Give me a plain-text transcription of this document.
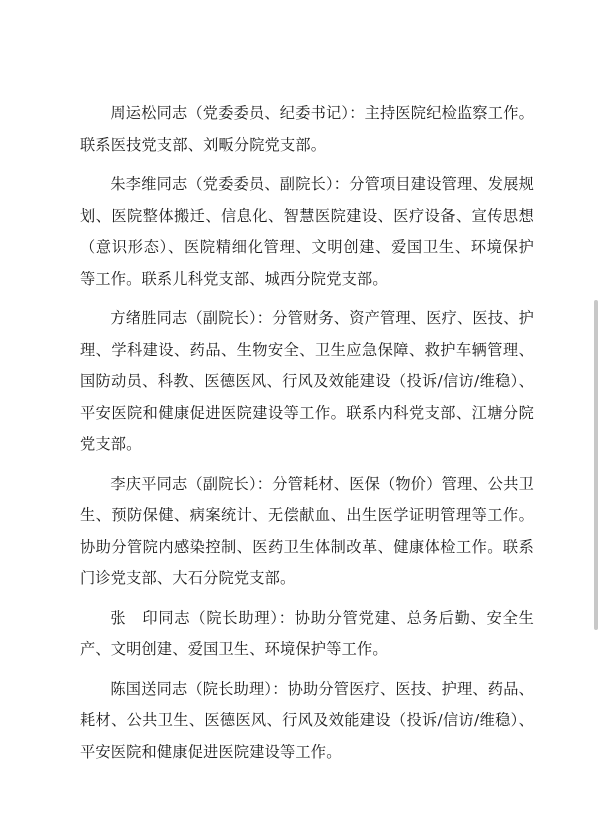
周运松同志（党委委员、纪委书记）：主持医院纪检监察工作。联系医技党支部、刘畈分院党支部。

朱李维同志（党委委员、副院长）：分管项目建设管理、发展规划、医院整体搬迁、信息化、智慧医院建设、医疗设备、宣传思想（意识形态）、医院精细化管理、文明创建、爱国卫生、环境保护等工作。联系儿科党支部、城西分院党支部。

方绪胜同志（副院长）：分管财务、资产管理、医疗、医技、护理、学科建设、药品、生物安全、卫生应急保障、救护车辆管理、国防动员、科教、医德医风、行风及效能建设（投诉/信访/维稳）、平安医院和健康促进医院建设等工作。联系内科党支部、江塘分院党支部。

李庆平同志（副院长）：分管耗材、医保（物价）管理、公共卫生、预防保健、病案统计、无偿献血、出生医学证明管理等工作。协助分管院内感染控制、医药卫生体制改革、健康体检工作。联系门诊党支部、大石分院党支部。

张　印同志（院长助理）：协助分管党建、总务后勤、安全生产、文明创建、爱国卫生、环境保护等工作。

陈国送同志（院长助理）：协助分管医疗、医技、护理、药品、耗材、公共卫生、医德医风、行风及效能建设（投诉/信访/维稳）、平安医院和健康促进医院建设等工作。
